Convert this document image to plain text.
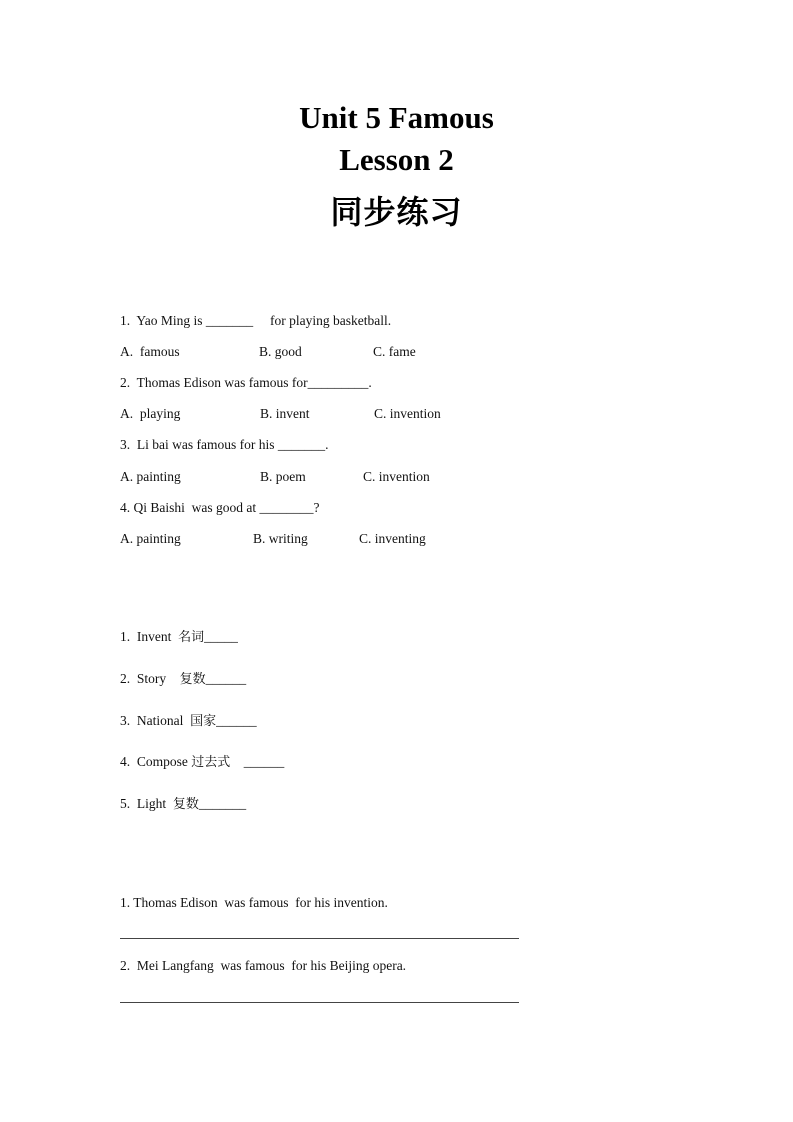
Unit 5 Famous
Lesson 2
同步练习
1.  Yao Ming is _______     for playing basketball.
A.  famous	B. good	C. fame
2.  Thomas Edison was famous for_________.
A.  playing	B. invent	C. invention
3.  Li bai was famous for his _______.
A. painting	B. poem	C. invention
4. Qi Baishi  was good at ________?
A. painting	B. writing	C. inventing
1.  Invent  名词_____
2.  Story    复数______
3.  National  国家______
4.  Compose 过去式    ______
5.  Light  复数_______
1. Thomas Edison  was famous  for his invention.
2.  Mei Langfang  was famous  for his Beijing opera.
